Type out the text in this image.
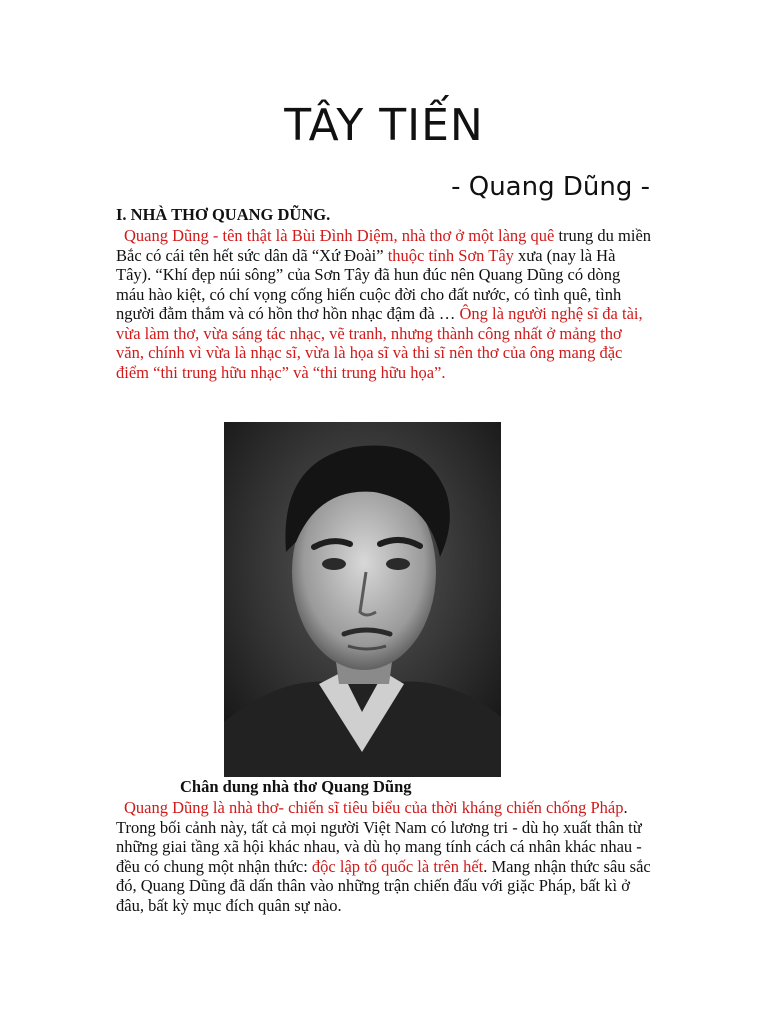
TÂY TIẾN
- Quang Dũng -
I. NHÀ THƠ QUANG DŨNG.
Quang Dũng - tên thật là Bùi Đình Diệm, nhà thơ ở một làng quê trung du miền Bắc có cái tên hết sức dân dã “Xứ Đoài” thuộc tỉnh Sơn Tây xưa (nay là Hà Tây). “Khí đẹp núi sông” của Sơn Tây đã hun đúc nên Quang Dũng có dòng máu hào kiệt, có chí vọng cống hiến cuộc đời cho đất nước, có tình quê, tình người đằm thắm và có hồn thơ hồn nhạc đậm đà … Ông là người nghệ sĩ đa tài, vừa làm thơ, vừa sáng tác nhạc, vẽ tranh, nhưng thành công nhất ở mảng thơ văn, chính vì vừa là nhạc sĩ, vừa là họa sĩ và thi sĩ nên thơ của ông mang đặc điểm “thi trung hữu nhạc” và “thi trung hữu họa”.
Chân dung nhà thơ Quang Dũng
Quang Dũng là nhà thơ- chiến sĩ tiêu biểu của thời kháng chiến chống Pháp. Trong bối cảnh này, tất cả mọi người Việt Nam có lương tri - dù họ xuất thân từ những giai tầng xã hội khác nhau, và dù họ mang tính cách cá nhân khác nhau - đều có chung một nhận thức: độc lập tổ quốc là trên hết. Mang nhận thức sâu sắc đó, Quang Dũng đã dấn thân vào những trận chiến đấu với giặc Pháp, bất kì ở đâu, bất kỳ mục đích quân sự nào.
